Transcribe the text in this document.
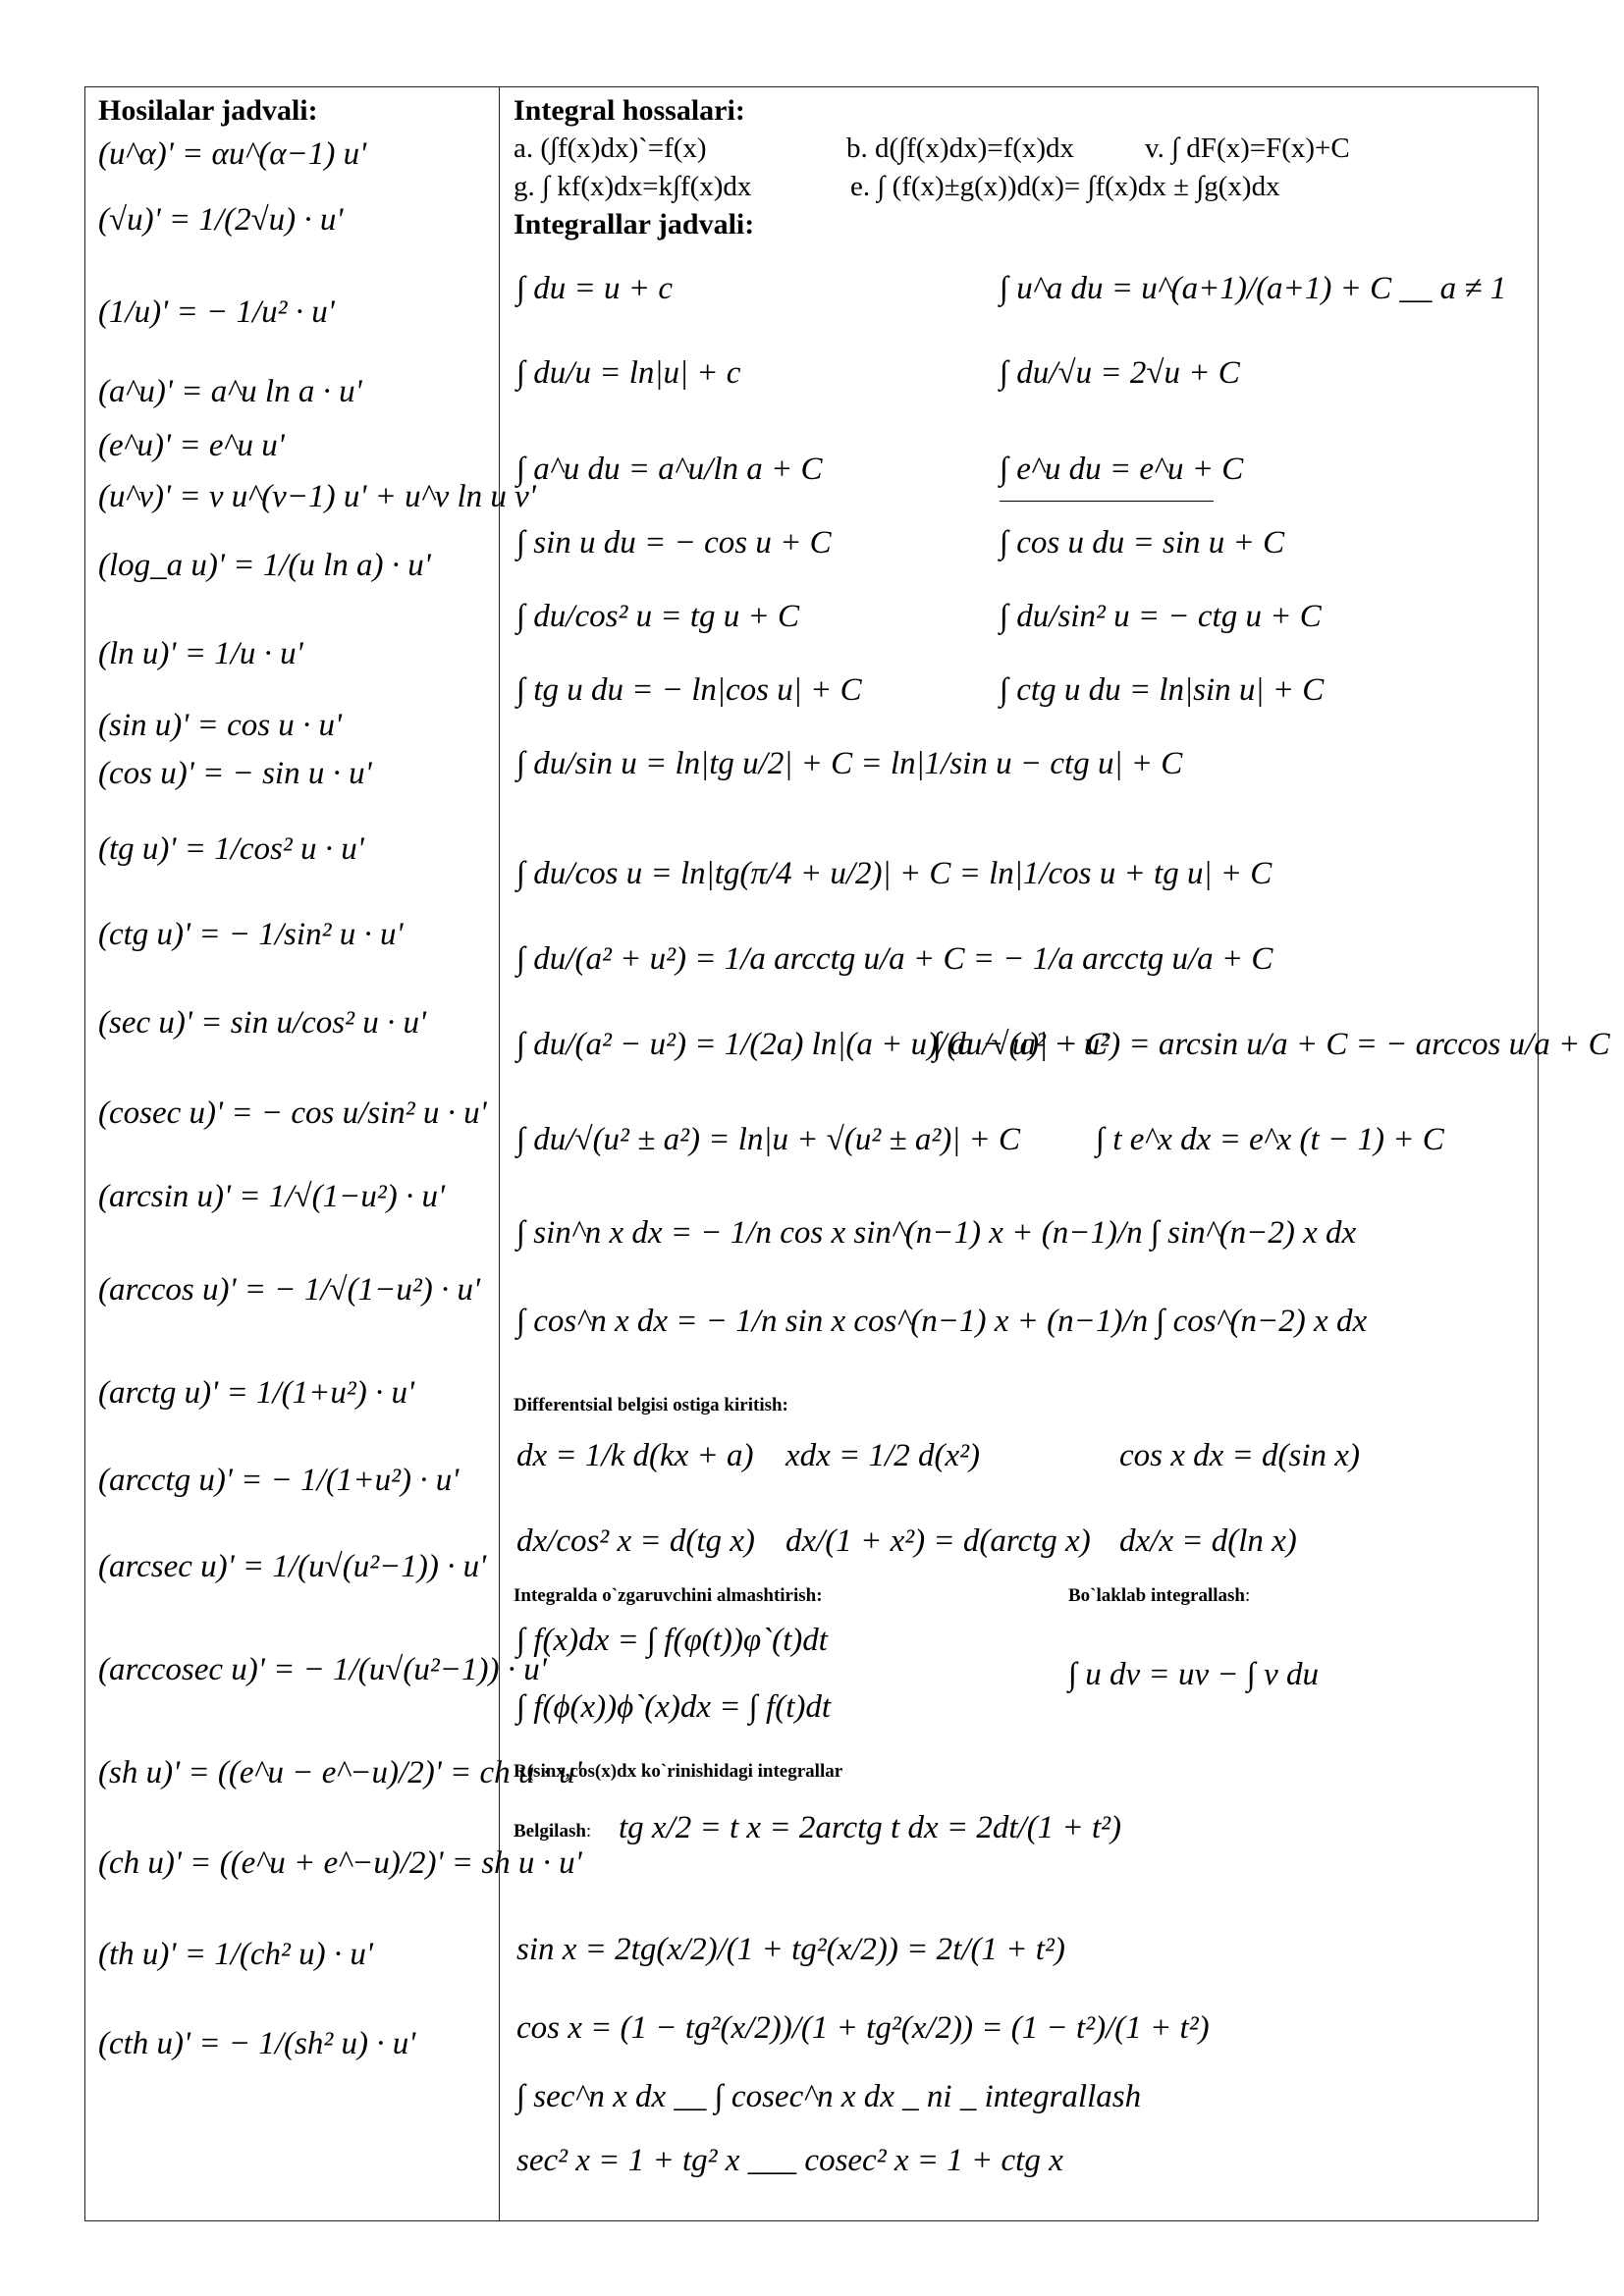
Hosilalar jadvali:
(u^α)' = αu^(α−1) u'
(√u)' = 1/(2√u) · u'
(1/u)' = − 1/u² · u'
(a^u)' = a^u ln a · u'
(e^u)' = e^u u'
(u^v)' = v u^(v−1) u' + u^v ln u v'
(log_a u)' = 1/(u ln a) · u'
(ln u)' = 1/u · u'
(sin u)' = cos u · u'
(cos u)' = − sin u · u'
(tg u)' = 1/cos² u · u'
(ctg u)' = − 1/sin² u · u'
(sec u)' = sin u/cos² u · u'
(cosec u)' = − cos u/sin² u · u'
(arcsin u)' = 1/√(1−u²) · u'
(arccos u)' = − 1/√(1−u²) · u'
(arctg u)' = 1/(1+u²) · u'
(arcctg u)' = − 1/(1+u²) · u'
(arcsec u)' = 1/(u√(u²−1)) · u'
(arccosec u)' = − 1/(u√(u²−1)) · u'
(sh u)' = ((e^u − e^−u)/2)' = ch u · u'
(ch u)' = ((e^u + e^−u)/2)' = sh u · u'
(th u)' = 1/(ch² u) · u'
(cth u)' = − 1/(sh² u) · u'
Integral hossalari:
a. (∫f(x)dx)`=f(x)	b. d(∫f(x)dx)=f(x)dx v. ∫ dF(x)=F(x)+C
g. ∫ kf(x)dx=k∫f(x)dx	e. ∫ (f(x)±g(x))d(x)= ∫f(x)dx ± ∫g(x)dx
Integrallar jadvali:
∫ du = u + c	∫ u^a du = u^(a+1)/(a+1) + C __ a ≠ 1
∫ du/u = ln|u| + c	∫ du/√u = 2√u + C
∫ a^u du = a^u/ln a + C	∫ e^u du = e^u + C
∫ sin u du = − cos u + C	∫ cos u du = sin u + C
∫ du/cos² u = tg u + C	∫ du/sin² u = − ctg u + C
∫ tg u du = − ln|cos u| + C	∫ ctg u du = ln|sin u| + C
∫ du/sin u = ln|tg u/2| + C = ln|1/sin u − ctg u| + C
∫ du/cos u = ln|tg(π/4 + u/2)| + C = ln|1/cos u + tg u| + C
∫ du/(a² + u²) = 1/a arcctg u/a + C = − 1/a arcctg u/a + C
∫ du/(a² − u²) = 1/(2a) ln|(a + u)/(a − u)| + C
∫ du/√(a² − u²) = arcsin u/a + C = − arccos u/a + C
∫ du/√(u² ± a²) = ln|u + √(u² ± a²)| + C ∫ t e^x dx = e^x (t − 1) + C
∫ sin^n x dx = − 1/n cos x sin^(n−1) x + (n−1)/n ∫ sin^(n−2) x dx
∫ cos^n x dx = − 1/n sin x cos^(n−1) x + (n−1)/n ∫ cos^(n−2) x dx
Differentsial belgisi ostiga kiritish:
dx = 1/k d(kx + a) xdx = 1/2 d(x²)	cos x dx = d(sin x)
dx/cos² x = d(tg x) dx/(1 + x²) = d(arctg x) dx/x = d(ln x)
Integralda o`zgaruvchini almashtirish:	Bo`laklab integrallash:
∫ f(x)dx = ∫ f(φ(t))φ`(t)dt
∫ f(ϕ(x))ϕ`(x)dx = ∫ f(t)dt
∫ u dv = uv − ∫ v du
R(sinx,cos(x)dx ko`rinishidagi integrallar
Belgilash: tg x/2 = t x = 2arctg t dx = 2dt/(1 + t²)
sin x = 2tg(x/2)/(1 + tg²(x/2)) = 2t/(1 + t²)
cos x = (1 − tg²(x/2))/(1 + tg²(x/2)) = (1 − t²)/(1 + t²)
∫ sec^n x dx __ ∫ cosec^n x dx _ ni _ integrallash
sec² x = 1 + tg² x ___ cosec² x = 1 + ctg x
